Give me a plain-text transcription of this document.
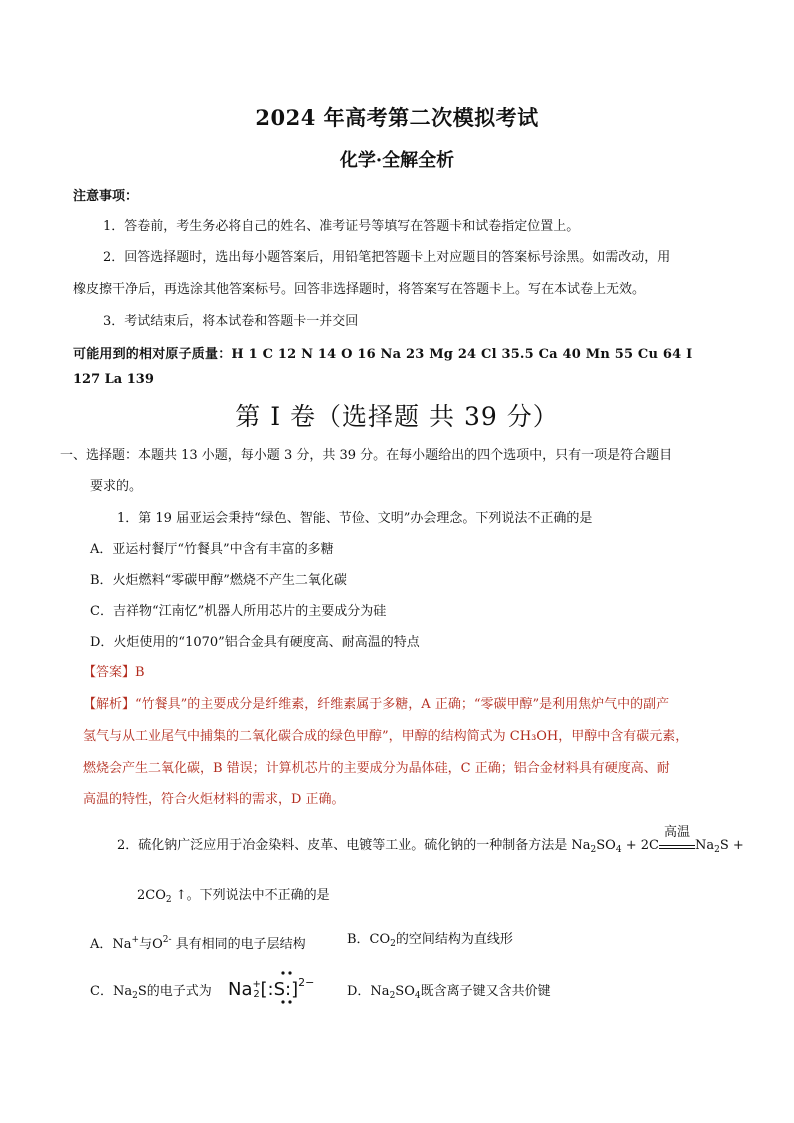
2024 年高考第二次模拟考试
化学·全解全析
注意事项：
1．答卷前，考生务必将自己的姓名、准考证号等填写在答题卡和试卷指定位置上。
2．回答选择题时，选出每小题答案后，用铅笔把答题卡上对应题目的答案标号涂黑。如需改动，用
橡皮擦干净后，再选涂其他答案标号。回答非选择题时，将答案写在答题卡上。写在本试卷上无效。
3．考试结束后，将本试卷和答题卡一并交回
可能用到的相对原子质量：H 1 C 12 N 14 O 16 Na 23 Mg 24 Cl 35.5 Ca 40 Mn 55 Cu 64 I
127 La 139
第 I 卷（选择题 共 39 分）
一、选择题：本题共 13 小题，每小题 3 分，共 39 分。在每小题给出的四个选项中，只有一项是符合题目
要求的。
1．第 19 届亚运会秉持“绿色、智能、节俭、文明”办会理念。下列说法不正确的是
A．亚运村餐厅“竹餐具”中含有丰富的多糖
B．火炬燃料“零碳甲醇”燃烧不产生二氧化碳
C．吉祥物“江南忆”机器人所用芯片的主要成分为硅
D．火炬使用的“1070”铝合金具有硬度高、耐高温的特点
【答案】B
【解析】“竹餐具”的主要成分是纤维素，纤维素属于多糖，A 正确；“零碳甲醇”是利用焦炉气中的副产
氢气与从工业尾气中捕集的二氧化碳合成的绿色甲醇”，甲醇的结构简式为 CH₃OH，甲醇中含有碳元素，
燃烧会产生二氧化碳，B 错误；计算机芯片的主要成分为晶体硅，C 正确；铝合金材料具有硬度高、耐
高温的特性，符合火炬材料的需求，D 正确。
2．硫化钠广泛应用于冶金染料、皮革、电镀等工业。硫化钠的一种制备方法是 $Na_2SO_4 + 2C$
高温
$Na_2S$ +
$2CO_2$ ↑。下列说法中不正确的是
A．Na+与$O^{2-}$ 具有相同的电子层结构	B．$CO_2$的空间结构为直线形
C．$Na_2S$的电子式为 Na +
2 [:S:]$^{2-}$
D．$Na_2SO_4$既含离子键又含共价键
